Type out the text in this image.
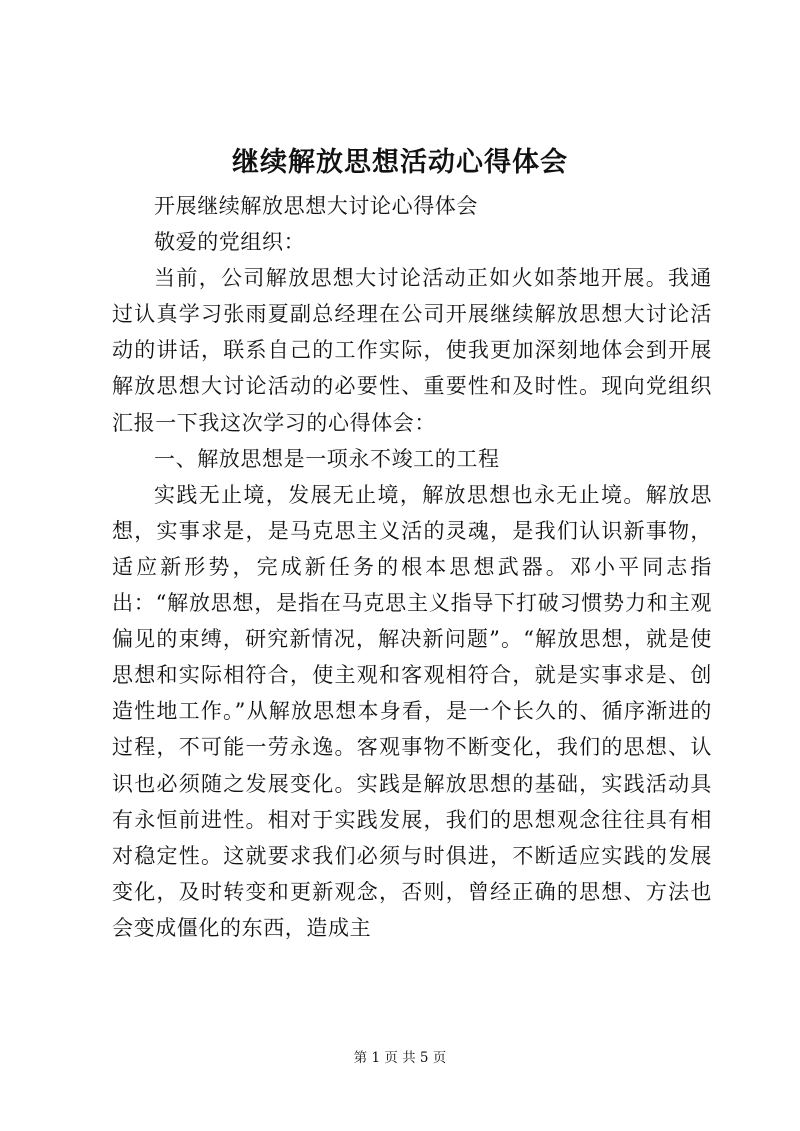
继续解放思想活动心得体会

开展继续解放思想大讨论心得体会

敬爱的党组织：

当前，公司解放思想大讨论活动正如火如荼地开展。我通过认真学习张雨夏副总经理在公司开展继续解放思想大讨论活动的讲话，联系自己的工作实际，使我更加深刻地体会到开展解放思想大讨论活动的必要性、重要性和及时性。现向党组织汇报一下我这次学习的心得体会：

一、解放思想是一项永不竣工的工程

实践无止境，发展无止境，解放思想也永无止境。解放思想，实事求是，是马克思主义活的灵魂，是我们认识新事物，适应新形势，完成新任务的根本思想武器。邓小平同志指出：“解放思想，是指在马克思主义指导下打破习惯势力和主观偏见的束缚，研究新情况，解决新问题”。“解放思想，就是使思想和实际相符合，使主观和客观相符合，就是实事求是、创造性地工作。”从解放思想本身看，是一个长久的、循序渐进的过程，不可能一劳永逸。客观事物不断变化，我们的思想、认识也必须随之发展变化。实践是解放思想的基础，实践活动具有永恒前进性。相对于实践发展，我们的思想观念往往具有相对稳定性。这就要求我们必须与时俱进，不断适应实践的发展变化，及时转变和更新观念，否则，曾经正确的思想、方法也会变成僵化的东西，造成主

第 1 页 共 5 页
